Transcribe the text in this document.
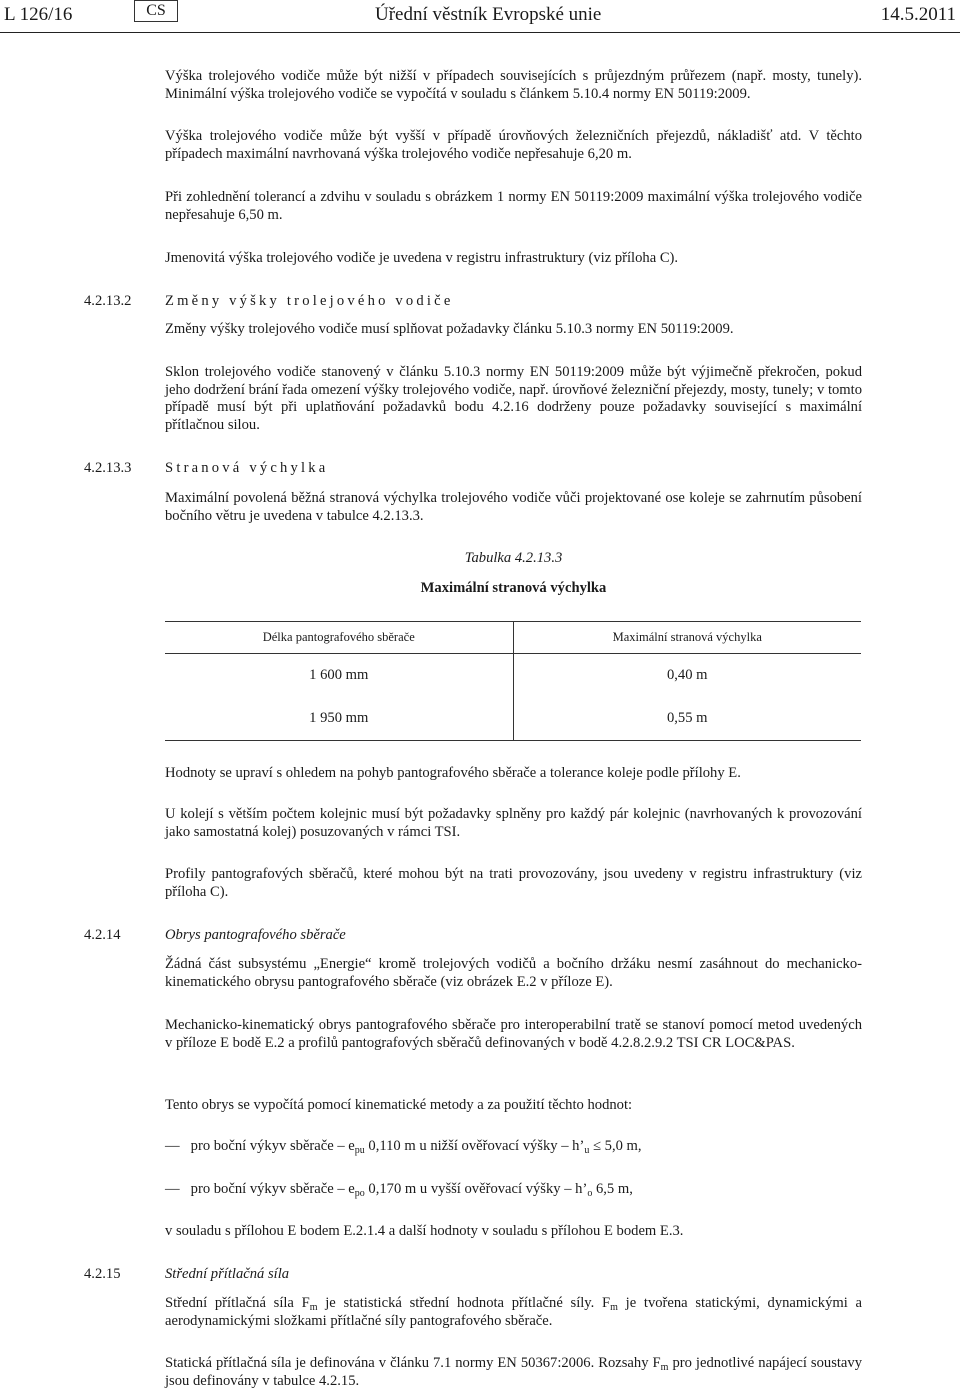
L 126/16	CS	Úřední věstník Evropské unie	14.5.2011

Výška trolejového vodiče může být nižší v případech souvisejících s průjezdným průřezem (např. mosty, tunely). Minimální výška trolejového vodiče se vypočítá v souladu s článkem 5.10.4 normy EN 50119:2009.

Výška trolejového vodiče může být vyšší v případě úrovňových železničních přejezdů, nákladišť atd. V těchto případech maximální navrhovaná výška trolejového vodiče nepřesahuje 6,20 m.

Při zohlednění tolerancí a zdvihu v souladu s obrázkem 1 normy EN 50119:2009 maximální výška trolejového vodiče nepřesahuje 6,50 m.

Jmenovitá výška trolejového vodiče je uvedena v registru infrastruktury (viz příloha C).

4.2.13.2 Změny výšky trolejového vodiče

Změny výšky trolejového vodiče musí splňovat požadavky článku 5.10.3 normy EN 50119:2009.

Sklon trolejového vodiče stanovený v článku 5.10.3 normy EN 50119:2009 může být výjimečně překročen, pokud jeho dodržení brání řada omezení výšky trolejového vodiče, např. úrovňové železniční přejezdy, mosty, tunely; v tomto případě musí být při uplatňování požadavků bodu 4.2.16 dodrženy pouze požadavky související s maximální přítlačnou silou.

4.2.13.3 Stranová výchylka

Maximální povolená běžná stranová výchylka trolejového vodiče vůči projektované ose koleje se zahrnutím působení bočního větru je uvedena v tabulce 4.2.13.3.

Tabulka 4.2.13.3
Maximální stranová výchylka
Délka pantografového sběrače	Maximální stranová výchylka
1 600 mm	0,40 m
1 950 mm	0,55 m

Hodnoty se upraví s ohledem na pohyb pantografového sběrače a tolerance koleje podle přílohy E.

U kolejí s větším počtem kolejnic musí být požadavky splněny pro každý pár kolejnic (navrhovaných k provozování jako samostatná kolej) posuzovaných v rámci TSI.

Profily pantografových sběračů, které mohou být na trati provozovány, jsou uvedeny v registru infrastruktury (viz příloha C).

4.2.14	Obrys pantografového sběrače

Žádná část subsystému „Energie“ kromě trolejových vodičů a bočního držáku nesmí zasáhnout do mechanicko-kinematického obrysu pantografového sběrače (viz obrázek E.2 v příloze E).

Mechanicko-kinematický obrys pantografového sběrače pro interoperabilní tratě se stanoví pomocí metod uvedených v příloze E bodě E.2 a profilů pantografových sběračů definovaných v bodě 4.2.8.2.9.2 TSI CR LOC&PAS.

Tento obrys se vypočítá pomocí kinematické metody a za použití těchto hodnot:

— pro boční výkyv sběrače – $e_{pu}$ 0,110 m u nižší ověřovací výšky – $h’_u \le 5,0$ m,
— pro boční výkyv sběrače – $e_{po}$ 0,170 m u vyšší ověřovací výšky – $h’_o$ 6,5 m,

v souladu s přílohou E bodem E.2.1.4 a další hodnoty v souladu s přílohou E bodem E.3.

4.2.15	Střední přítlačná síla

Střední přítlačná síla $F_m$ je statistická střední hodnota přítlačné síly. $F_m$ je tvořena statickými, dynamickými a aerodynamickými složkami přítlačné síly pantografového sběrače.

Statická přítlačná síla je definována v článku 7.1 normy EN 50367:2006. Rozsahy $F_m$ pro jednotlivé napájecí soustavy jsou definovány v tabulce 4.2.15.
